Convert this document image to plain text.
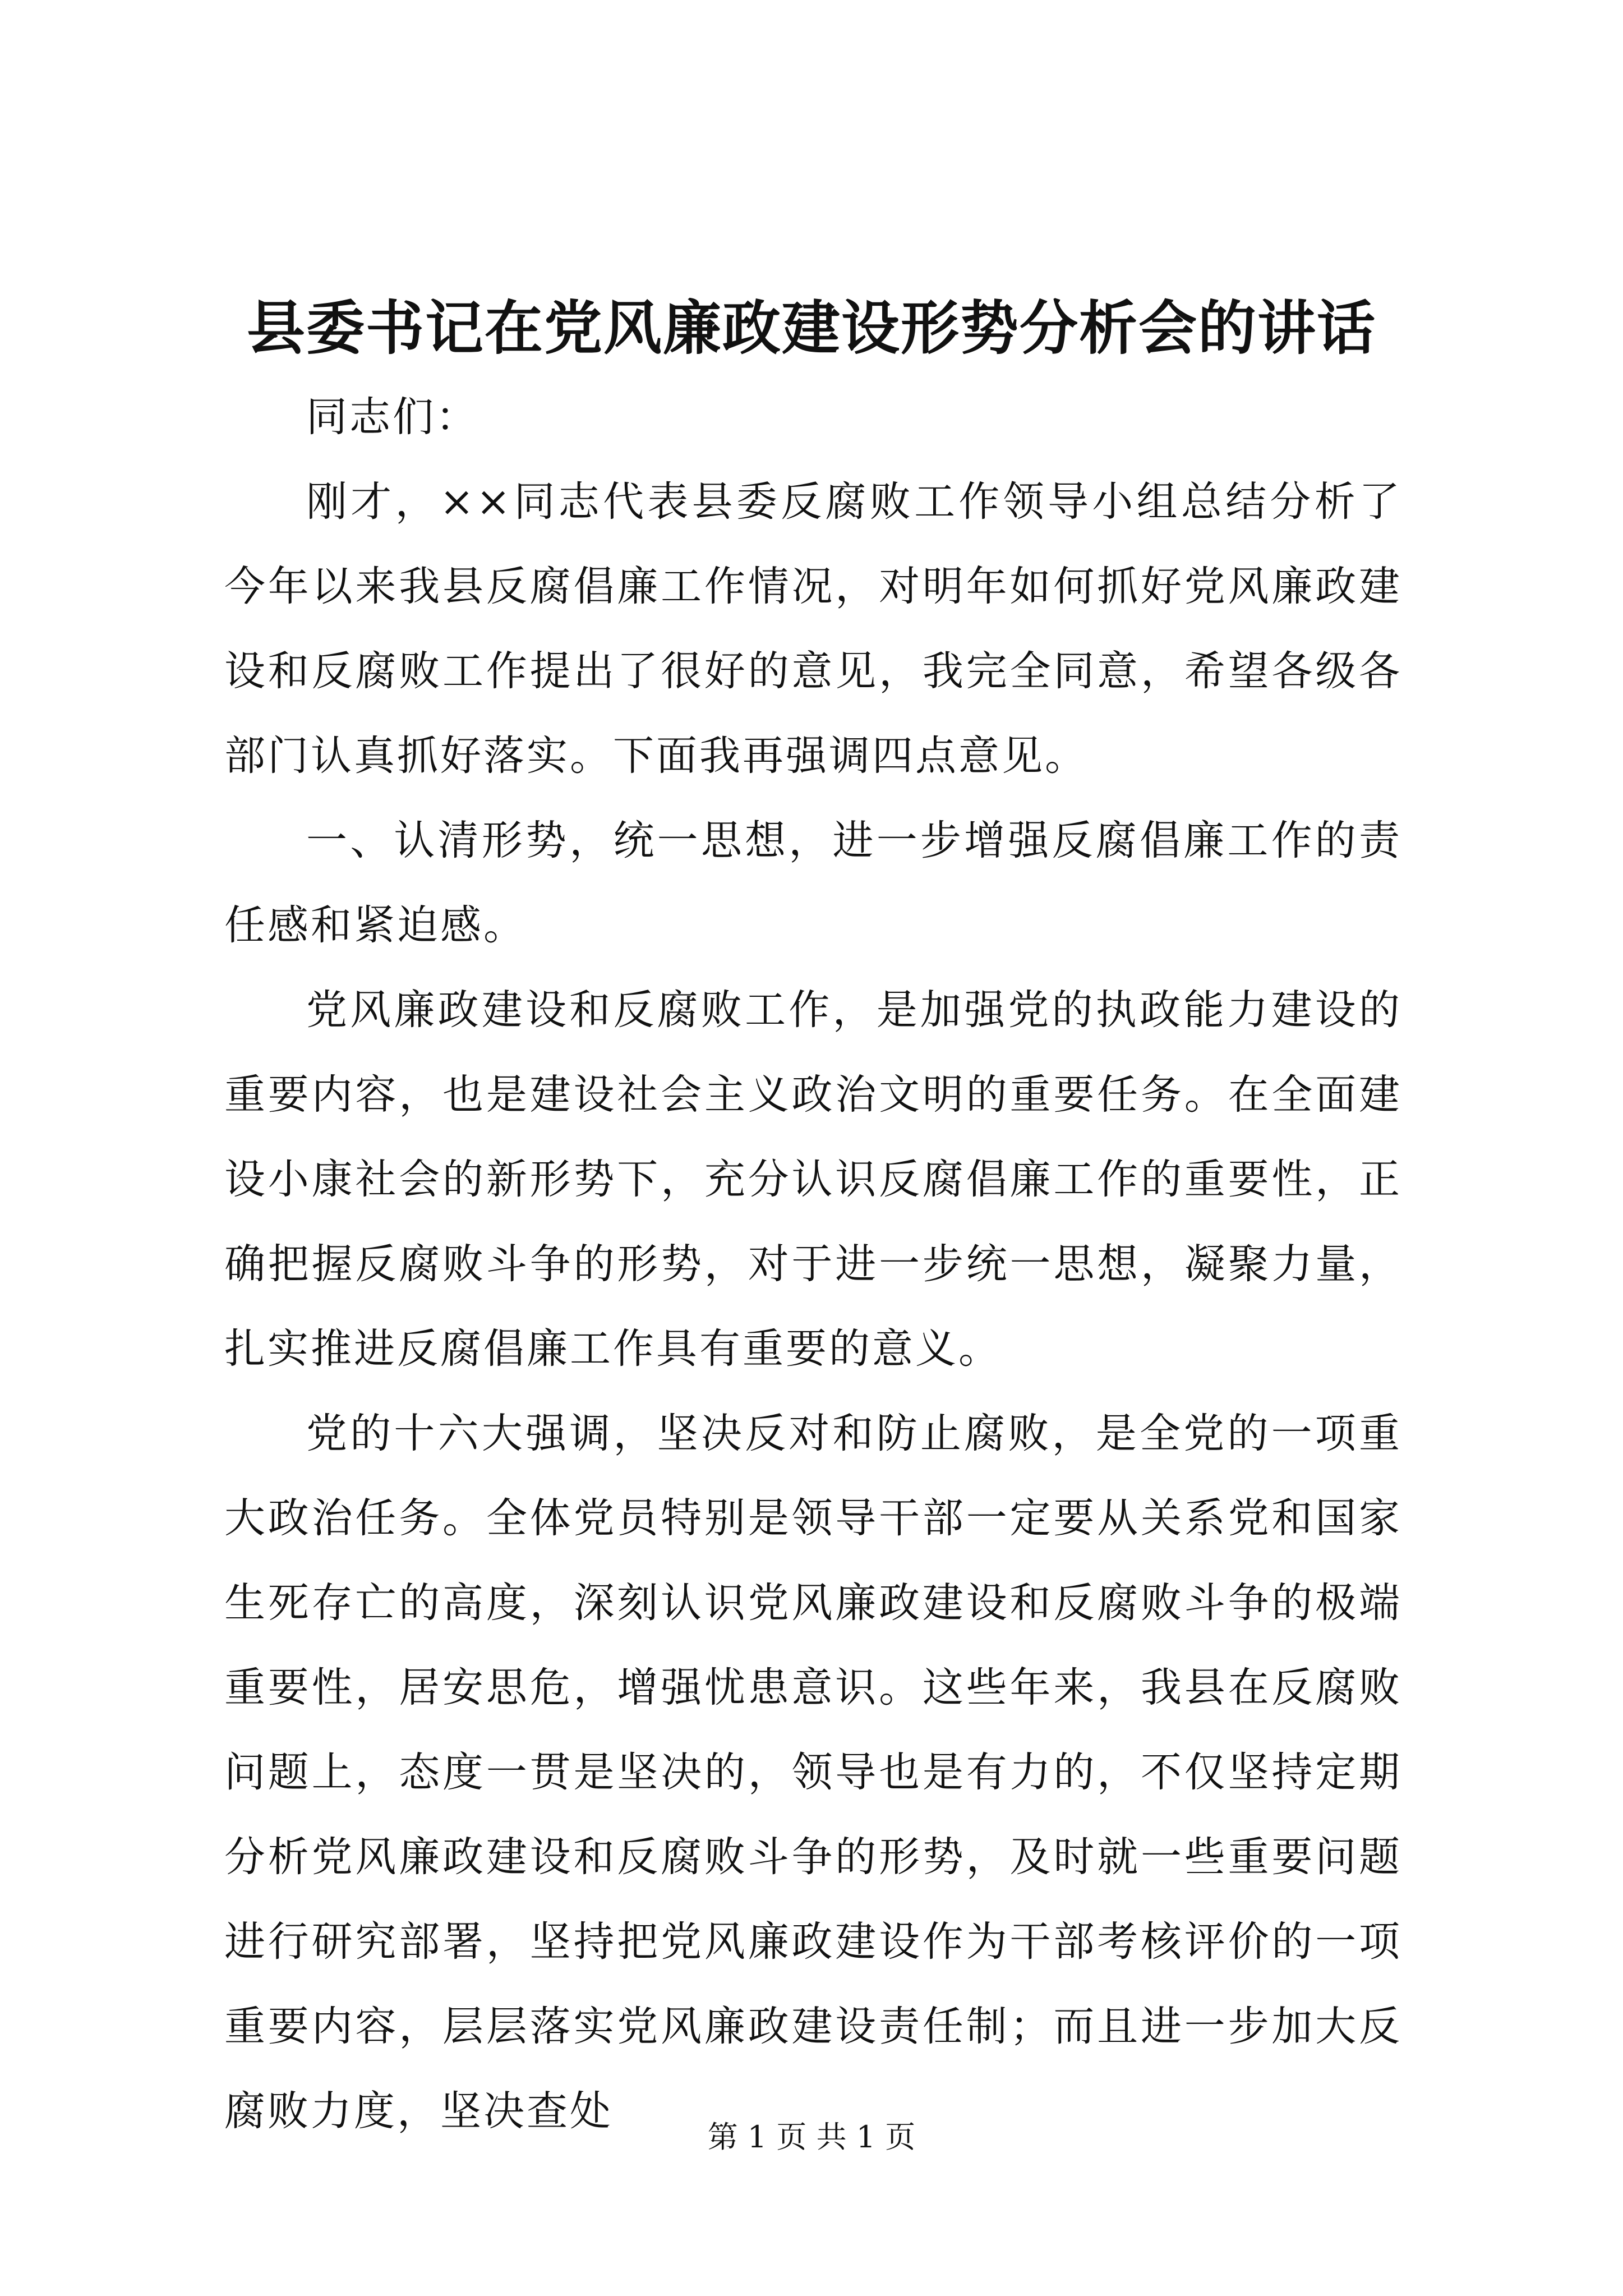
县委书记在党风廉政建设形势分析会的讲话

同志们：

刚才，××同志代表县委反腐败工作领导小组总结分析了今年以来我县反腐倡廉工作情况，对明年如何抓好党风廉政建设和反腐败工作提出了很好的意见，我完全同意，希望各级各部门认真抓好落实。下面我再强调四点意见。

一、认清形势，统一思想，进一步增强反腐倡廉工作的责任感和紧迫感。

党风廉政建设和反腐败工作，是加强党的执政能力建设的重要内容，也是建设社会主义政治文明的重要任务。在全面建设小康社会的新形势下，充分认识反腐倡廉工作的重要性，正确把握反腐败斗争的形势，对于进一步统一思想，凝聚力量，扎实推进反腐倡廉工作具有重要的意义。

党的十六大强调，坚决反对和防止腐败，是全党的一项重大政治任务。全体党员特别是领导干部一定要从关系党和国家生死存亡的高度，深刻认识党风廉政建设和反腐败斗争的极端重要性，居安思危，增强忧患意识。这些年来，我县在反腐败问题上，态度一贯是坚决的，领导也是有力的，不仅坚持定期分析党风廉政建设和反腐败斗争的形势，及时就一些重要问题进行研究部署，坚持把党风廉政建设作为干部考核评价的一项重要内容，层层落实党风廉政建设责任制；而且进一步加大反腐败力度，坚决查处

第 1 页 共 1 页
